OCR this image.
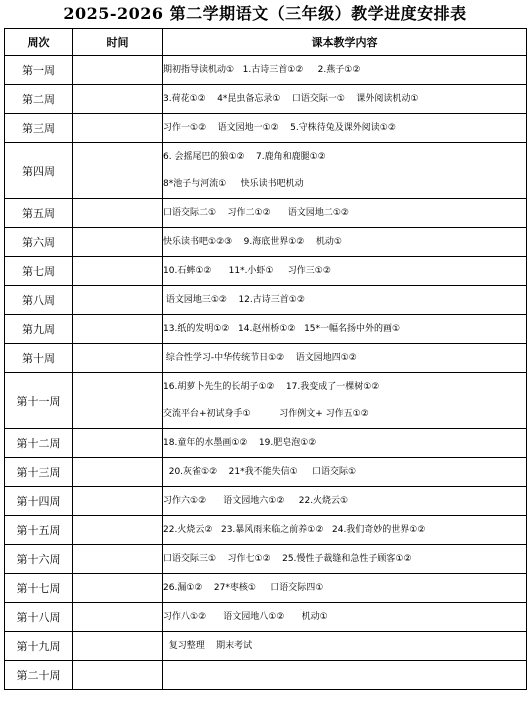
2025-2026 第二学期语文（三年级）教学进度安排表
周次	时间	课本教学内容
第一周		期初指导读机动①   1.古诗三首①②     2.燕子①②

第二周		3.荷花①②    4*昆虫备忘录①    口语交际一①    课外阅读机动①

第三周		习作一①②    语文园地一①②    5.守株待兔及课外阅读①②

第四周		6. 会摇尾巴的狼①②    7.鹿角和鹿腿①②
8*池子与河流①     快乐读书吧机动

第五周		口语交际二①    习作二①②      语文园地二①②

第六周		快乐读书吧①②③    9.海底世界①②    机动①

第七周		10.石蟀①②      11*.小虾①     习作三①②

第八周		语文园地三①②    12.古诗三首①②

第九周		13.纸的发明①②   14.赵州桥①②   15*一幅名扬中外的画①

第十周		综合性学习-中华传统节日①②    语文园地四①②

第十一周		16.胡萝卜先生的长胡子①②    17.我变成了一棵树①②
交流平台+初试身手①          习作例文+ 习作五①②

第十二周		18.童年的水墨画①②    19.肥皂泡①②

第十三周		20.灰雀①②    21*我不能失信①     口语交际①

第十四周		习作六①②      语文园地六①②     22.火烧云①

第十五周		22.火烧云②   23.暴风雨来临之前养①②   24.我们奇妙的世界①②

第十六周		口语交际三①    习作七①②    25.慢性子裁缝和急性子顾客①②

第十七周		26.漏①②    27*枣核①     口语交际四①

第十八周		习作八①②      语文园地八①②      机动①

第十九周		复习整理    期末考试

第二十周		
